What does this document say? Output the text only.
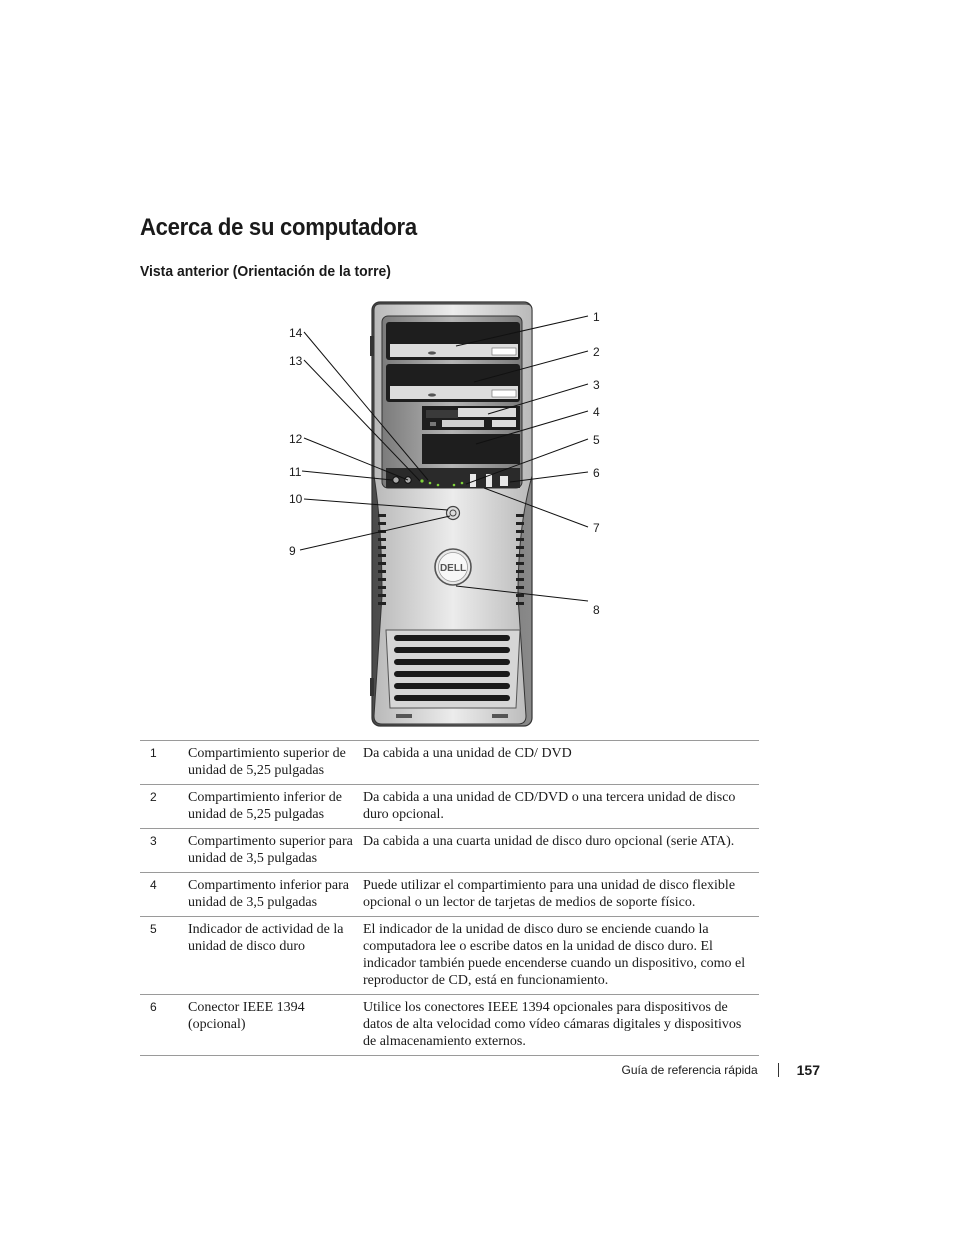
Acerca de su computadora
Vista anterior (Orientación de la torre)
DELL
1
2
3
4
5
6
7
8
9
10
11
12
13
14
1	Compartimiento superior de unidad de 5,25 pulgadas	Da cabida a una unidad de CD/ DVD
2	Compartimiento inferior de unidad de 5,25 pulgadas	Da cabida a una unidad de CD/DVD o una tercera unidad de disco duro opcional.
3	Compartimento superior para unidad de 3,5 pulgadas	Da cabida a una cuarta unidad de disco duro opcional (serie ATA).
4	Compartimento inferior para unidad de 3,5 pulgadas	Puede utilizar el compartimiento para una unidad de disco flexible opcional o un lector de tarjetas de medios de soporte físico.
5	Indicador de actividad de la unidad de disco duro	El indicador de la unidad de disco duro se enciende cuando la computadora lee o escribe datos en la unidad de disco duro. El indicador también puede encenderse cuando un dispositivo, como el reproductor de CD, está en funcionamiento.
6	Conector IEEE 1394 (opcional)	Utilice los conectores IEEE 1394 opcionales para dispositivos de datos de alta velocidad como vídeo cámaras digitales y dispositivos de almacenamiento externos.
Guía de referencia rápida	157
